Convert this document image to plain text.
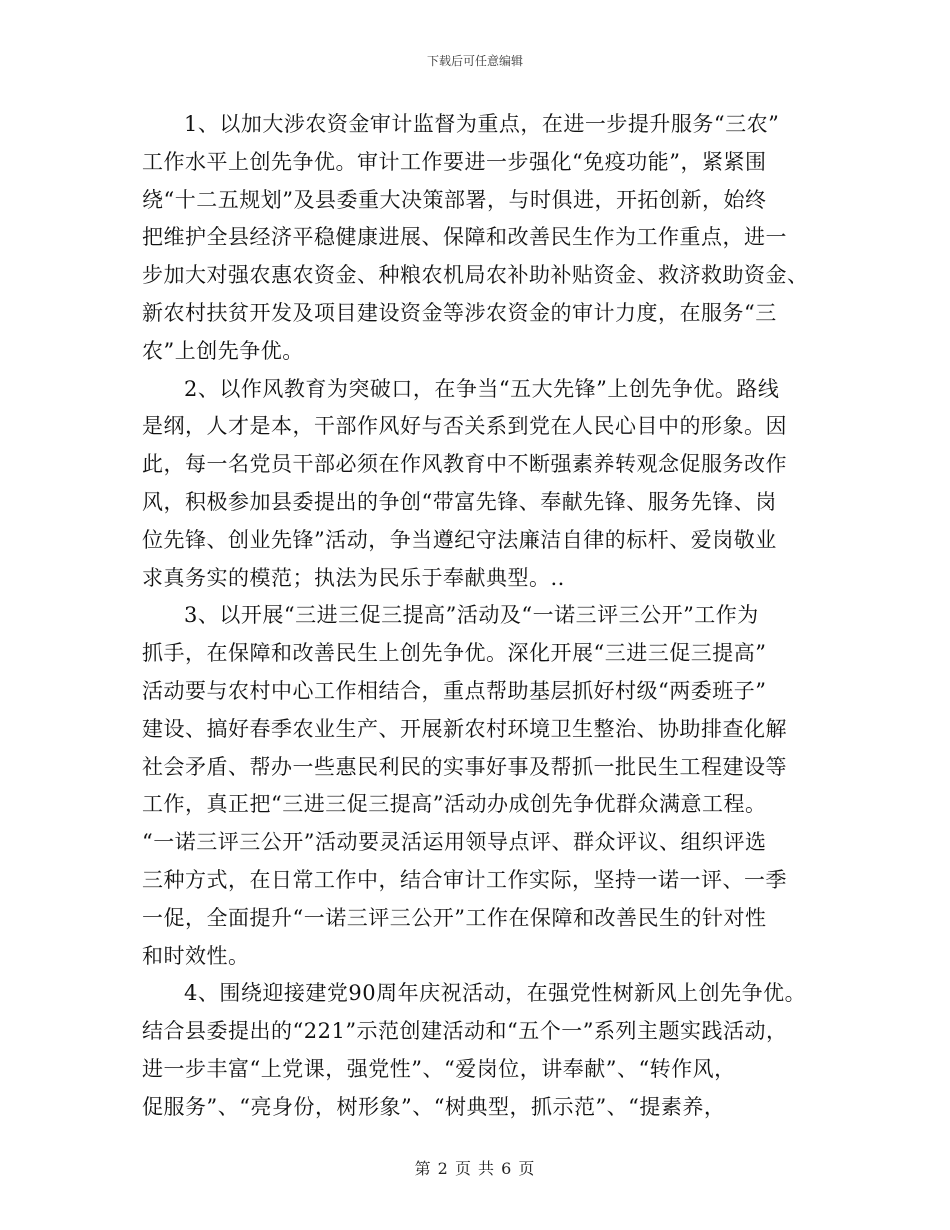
下载后可任意编辑
1、以加大涉农资金审计监督为重点，在进一步提升服务“三农”
工作水平上创先争优。审计工作要进一步强化“免疫功能”，紧紧围
绕“十二五规划”及县委重大决策部署，与时俱进，开拓创新，始终
把维护全县经济平稳健康进展、保障和改善民生作为工作重点，进一
步加大对强农惠农资金、种粮农机局农补助补贴资金、救济救助资金、
新农村扶贫开发及项目建设资金等涉农资金的审计力度，在服务“三
农”上创先争优。
2、以作风教育为突破口，在争当“五大先锋”上创先争优。路线
是纲，人才是本，干部作风好与否关系到党在人民心目中的形象。因
此，每一名党员干部必须在作风教育中不断强素养转观念促服务改作
风，积极参加县委提出的争创“带富先锋、奉献先锋、服务先锋、岗
位先锋、创业先锋”活动，争当遵纪守法廉洁自律的标杆、爱岗敬业
求真务实的模范；执法为民乐于奉献典型。..
3、以开展“三进三促三提高”活动及“一诺三评三公开”工作为
抓手，在保障和改善民生上创先争优。深化开展“三进三促三提高”
活动要与农村中心工作相结合，重点帮助基层抓好村级“两委班子”
建设、搞好春季农业生产、开展新农村环境卫生整治、协助排查化解
社会矛盾、帮办一些惠民利民的实事好事及帮抓一批民生工程建设等
工作，真正把“三进三促三提高”活动办成创先争优群众满意工程。
“一诺三评三公开”活动要灵活运用领导点评、群众评议、组织评选
三种方式，在日常工作中，结合审计工作实际，坚持一诺一评、一季
一促，全面提升“一诺三评三公开”工作在保障和改善民生的针对性
和时效性。
4、围绕迎接建党90周年庆祝活动，在强党性树新风上创先争优。
结合县委提出的“221”示范创建活动和“五个一”系列主题实践活动，
进一步丰富“上党课，强党性”、“爱岗位，讲奉献”、“转作风，
促服务”、“亮身份，树形象”、“树典型，抓示范”、“提素养，
第 2 页 共 6 页
